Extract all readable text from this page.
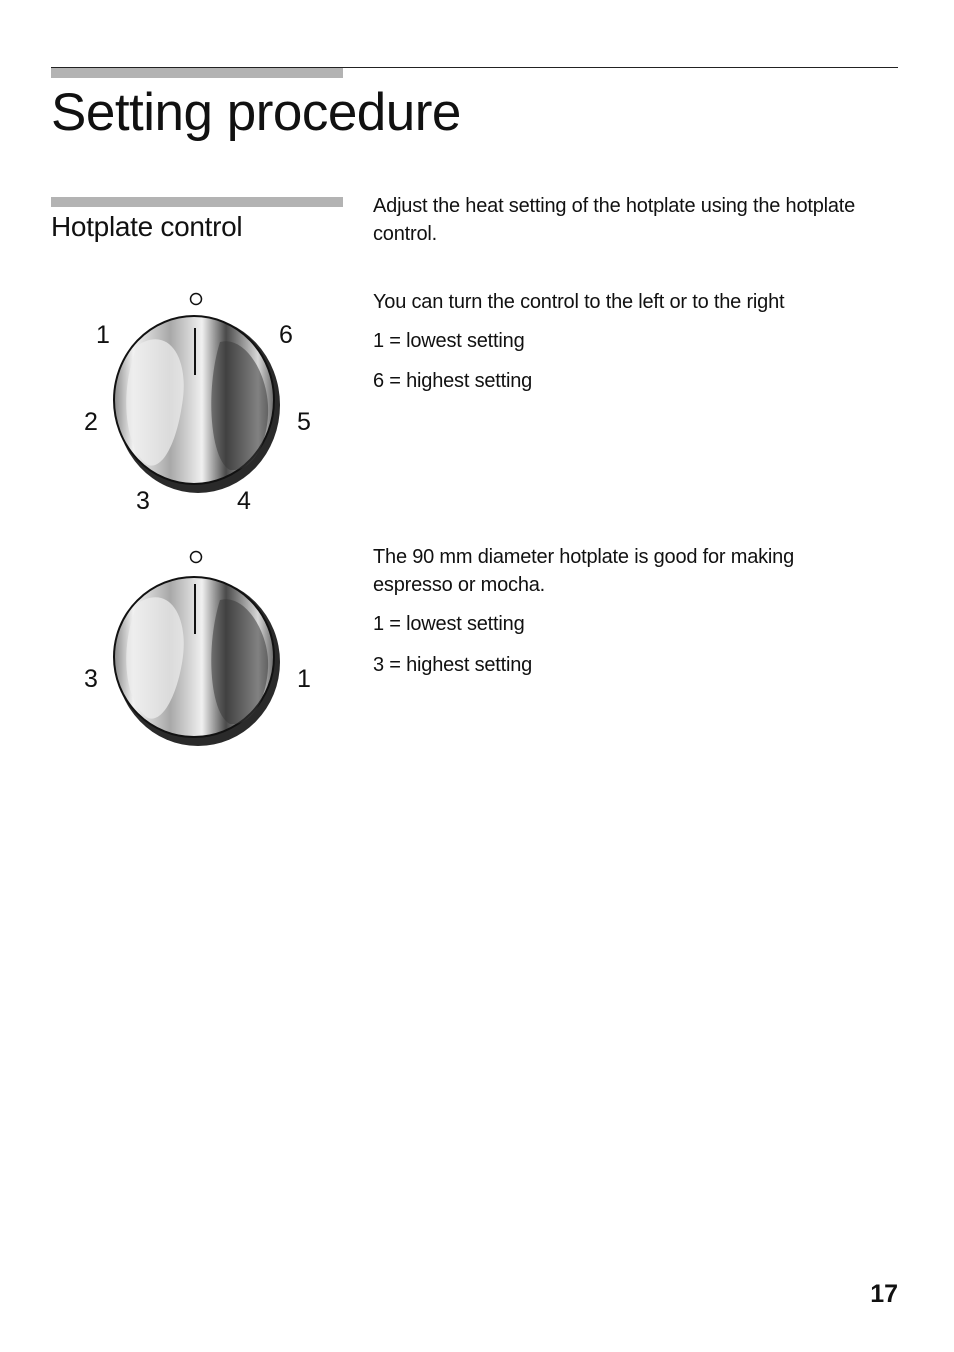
Setting procedure
Hotplate control

Adjust the heat setting of the hotplate using the hotplate control.

1
2
3	4
5
6

You can turn the control to the left or to the right

1 = lowest setting

6 = highest setting

3	1

The 90 mm diameter hotplate is good for making espresso or mocha.

1 = lowest setting

3 = highest setting

17
